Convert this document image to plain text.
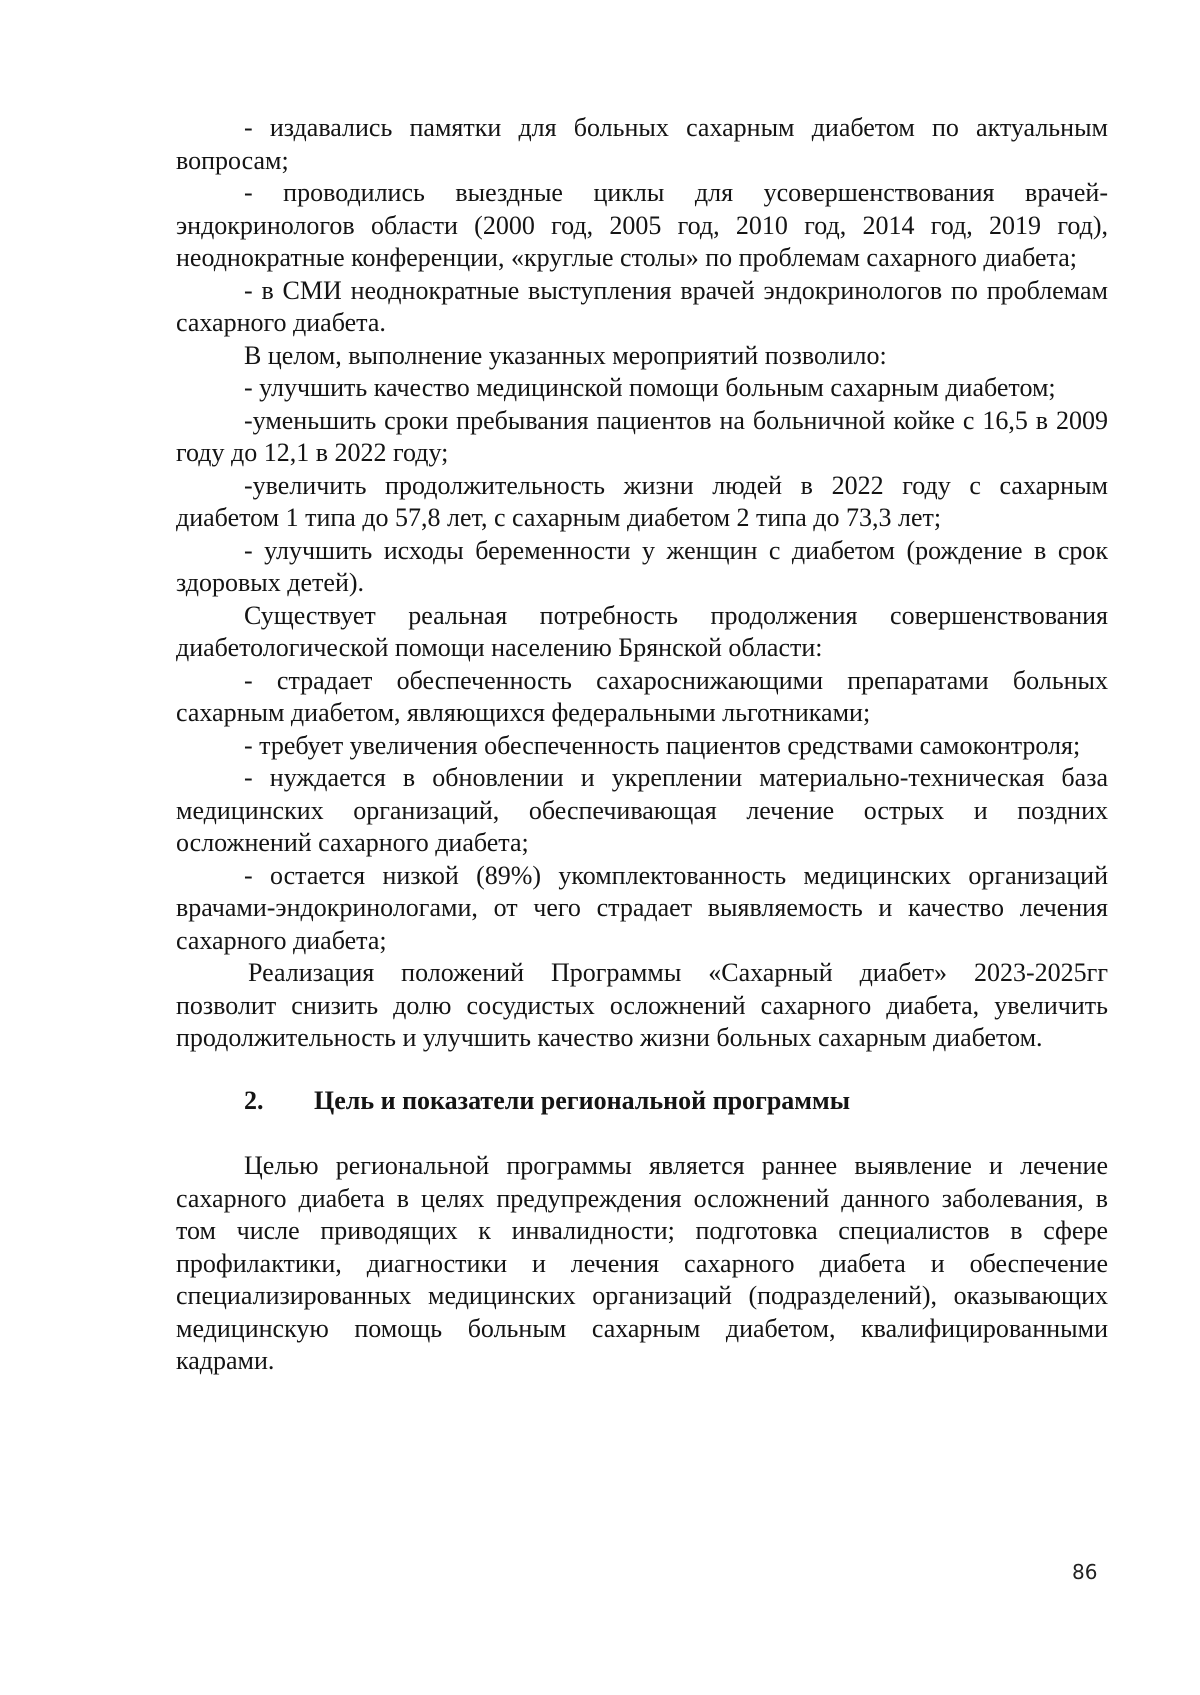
- издавались памятки для больных сахарным диабетом по актуальным вопросам;

- проводились выездные циклы для усовершенствования врачей-эндокринологов области (2000 год, 2005 год, 2010 год, 2014 год, 2019 год), неоднократные конференции, «круглые столы» по проблемам сахарного диабета;

- в СМИ неоднократные выступления врачей эндокринологов по проблемам сахарного диабета.

В целом, выполнение указанных мероприятий позволило:

- улучшить качество медицинской помощи больным сахарным диабетом;

-уменьшить сроки пребывания пациентов на больничной койке с 16,5 в 2009 году до 12,1 в 2022 году;

-увеличить продолжительность жизни людей в 2022 году с сахарным диабетом 1 типа до 57,8 лет, с сахарным диабетом 2 типа до 73,3 лет;

- улучшить исходы беременности у женщин с диабетом (рождение в срок здоровых детей).

Существует реальная потребность продолжения совершенствования диабетологической помощи населению Брянской области:

- страдает обеспеченность сахароснижающими препаратами больных сахарным диабетом, являющихся федеральными льготниками;

- требует увеличения обеспеченность пациентов средствами самоконтроля;

- нуждается в обновлении и укреплении материально-техническая база медицинских организаций, обеспечивающая лечение острых и поздних осложнений сахарного диабета;

- остается низкой (89%) укомплектованность медицинских организаций врачами-эндокринологами, от чего страдает выявляемость и качество лечения сахарного диабета;

Реализация положений Программы «Сахарный диабет» 2023-2025гг позволит снизить долю сосудистых осложнений сахарного диабета, увеличить продолжительность и улучшить качество жизни больных сахарным диабетом.

2.	Цель и показатели региональной программы

Целью региональной программы является раннее выявление и лечение сахарного диабета в целях предупреждения осложнений данного заболевания, в том числе приводящих к инвалидности; подготовка специалистов в сфере профилактики, диагностики и лечения сахарного диабета и обеспечение специализированных медицинских организаций (подразделений), оказывающих медицинскую помощь больным сахарным диабетом, квалифицированными кадрами.

86
